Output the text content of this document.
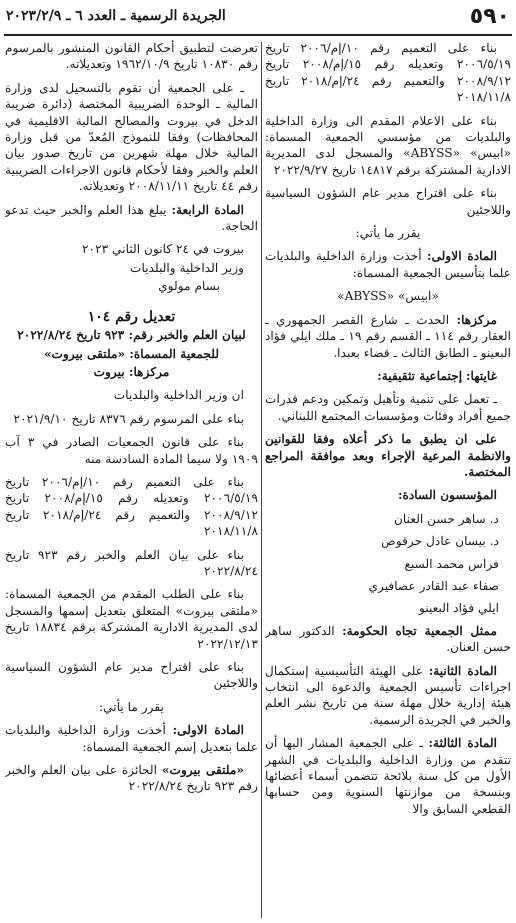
٥٩٠
الجريدة الرسمية ـ العدد ٦ ـ ٢٠٢٣/٢/٩

بناء على التعميم رقم ١٠/إم/٢٠٠٦ تاريخ ٢٠٠٦/٥/١٩ وتعديله رقم ١٥/إم/٢٠٠٨ تاريخ ٢٠٠٨/٩/١٢ والتعميم رقم ٢٤/إم/٢٠١٨ تاريخ ٢٠١٨/١١/٨

بناء على الاعلام المقدم الى وزارة الداخلية والبلديات من مؤسسي الجمعية المسماة: «ابيس» «ABYSS» والمسجل لدى المديرية الادارية المشتركة برقم ١٤٨١٧ تاريخ ٢٠٢٢/٩/٢٧

بناء على اقتراح مدير عام الشؤون السياسية واللاجئين

يقرر ما يأتي:

المادة الاولى: أخذت وزارة الداخلية والبلديات علما بتأسيس الجمعية المسماة:

«ابيس» «ABYSS»

مركزها: الحدث ـ شارع القصر الجمهوري ـ العقار رقم ١١٤ ـ القسم رقم ١٩ ـ ملك ايلي فؤاد البعينو ـ الطابق الثالث ـ قضاء بعبدا.

غايتها: إجتماعية تثقيفية:

ـ تعمل على تنمية وتأهيل وتمكين ودعم قدرات جميع أفراد وفئات ومؤسسات المجتمع اللبناني.

على ان يطبق ما ذكر أعلاه وفقا للقوانين والانظمة المرعية الإجراء وبعد موافقة المراجع المختصة.

المؤسسون السادة:

د. ساهر حسن العنان

د. بيسان عادل حرقوص

فراس محمد السبع

صفاء عبد القادر عصافيري

ايلي فؤاد البعينو

ممثل الجمعية تجاه الحكومة: الدكتور ساهر حسن العنان.

المادة الثانية: على الهيئة التأسيسية إستكمال اجراءات تأسيس الجمعية والدعوة الى انتخاب هيئة إدارية خلال مهلة سنة من تاريخ نشر العلم والخبر في الجريدة الرسمية.

المادة الثالثة: ـ على الجمعية المشار اليها أن تتقدم من وزارة الداخلية والبلديات في الشهر الأول من كل سنة بلائحة تتضمن أسماء أعضائها وبنسخة من موازنتها السنوية ومن حسابها القطعي السابق والا

تعرضت لتطبيق أحكام القانون المنشور بالمرسوم رقم ١٠٨٣٠ تاريخ ١٩٦٢/١٠/٩ وتعديلاته.

ـ على الجمعية أن تقوم بالتسجيل لدى وزارة المالية ـ الوحدة الضريبية المختصة (دائرة ضريبة الدخل في بيروت والمصالح المالية الاقليمية في المحافظات) وفقا للنموذج المُعدّ من قبل وزارة المالية خلال مهلة شهرين من تاريخ صدور بيان العلم والخبر وفقا لأحكام قانون الاجراءات الضريبية رقم ٤٤ تاريخ ٢٠٠٨/١١/١١ وتعديلاته.

المادة الرابعة: يبلغ هذا العلم والخبر حيث تدعو الحاجة.

بيروت في ٢٤ كانون الثاني ٢٠٢٣

وزير الداخلية والبلديات

بسام مولوي

تعديل رقم ١٠٤

لبيان العلم والخبر رقم: ٩٢٣ تاريخ ٢٠٢٢/٨/٢٤

للجمعية المسماة: «ملتقى بيروت»

مركزها: بيروت

ان وزير الداخلية والبلديات

بناء على المرسوم رقم ٨٣٧٦ تاريخ ٢٠٢١/٩/١٠

بناء على قانون الجمعيات الصادر في ٣ آب ١٩٠٩ ولا سيما المادة السادسة منه

بناء على التعميم رقم ١٠/إم/٢٠٠٦ تاريخ ٢٠٠٦/٥/١٩ وتعديله رقم ١٥/إم/٢٠٠٨ تاريخ ٢٠٠٨/٩/١٢ والتعميم رقم ٢٤/إم/٢٠١٨ تاريخ ٢٠١٨/١١/٨

بناء على بيان العلم والخبر رقم ٩٢٣ تاريخ ٢٠٢٢/٨/٢٤

بناء على الطلب المقدم من الجمعية المسماة: «ملتقى بيروت» المتعلق بتعديل إسمها والمسجل لدى المديرية الادارية المشتركة برقم ١٨٨٣٤ تاريخ ٢٠٢٢/١٢/١٣

بناء على اقتراح مدير عام الشؤون السياسية واللاجئين

يقرر ما يأتي:

المادة الاولى: أخذت وزارة الداخلية والبلديات علما بتعديل إسم الجمعية المسماة:

«ملتقى بيروت» الحائزة على بيان العلم والخبر رقم ٩٢٣ تاريخ ٢٠٢٢/٨/٢٤
